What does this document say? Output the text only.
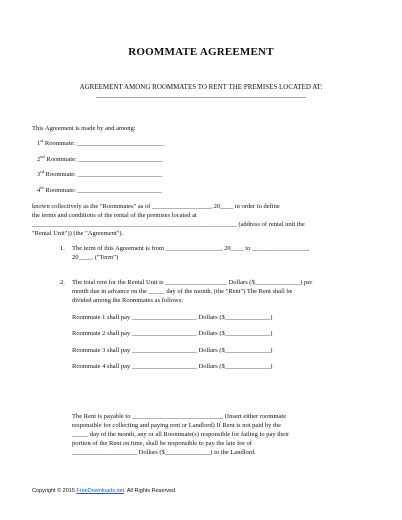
ROOMMATE AGREEMENT
AGREEMENT AMONG ROOMMATES TO RENT THE PREMISES LOCATED AT:
____________________________________________________________
This Agreement is made by and among:
1st Roommate: ___________________________
2nd Roommate: __________________________
3rd Roommate: __________________________
4th Roommate: __________________________
known collectively as the "Roommates" as of __________________, 20____ in order to define
the terms and conditions of the rental of the premises located at
_______________________________________________________________ (address of rental unit the
"Rental Unit")) (the "Agreement").
1. The term of this Agreement is from _________________, 20____ to _________________,
20____. ("Term")
2. The total rent for the Rental Unit is ___________________ Dollars ($______________) per
month due in advance on the _____ day of the month. (the "Rent") The Rent shall be
divided among the Roommates as follows:
Roommate 1 shall pay ____________________ Dollars ($______________)
Roommate 2 shall pay ____________________ Dollars ($______________)
Roommate 3 shall pay ____________________ Dollars ($______________)
Roommate 4 shall pay ____________________ Dollars ($______________)
The Rent is payable to ____________________________ (Insert either roommate
responsible for collecting and paying rent or Landlord) If Rent is not paid by the
_____ day of the month, any or all Roommate(s) responsible for failing to pay their
portion of the Rent on time, shall be responsible to pay the late fee of
____________________ Dollars ($______________) to the Landlord.
Copyright © 2015 FreeDownloads.net. All Rights Reserved.
